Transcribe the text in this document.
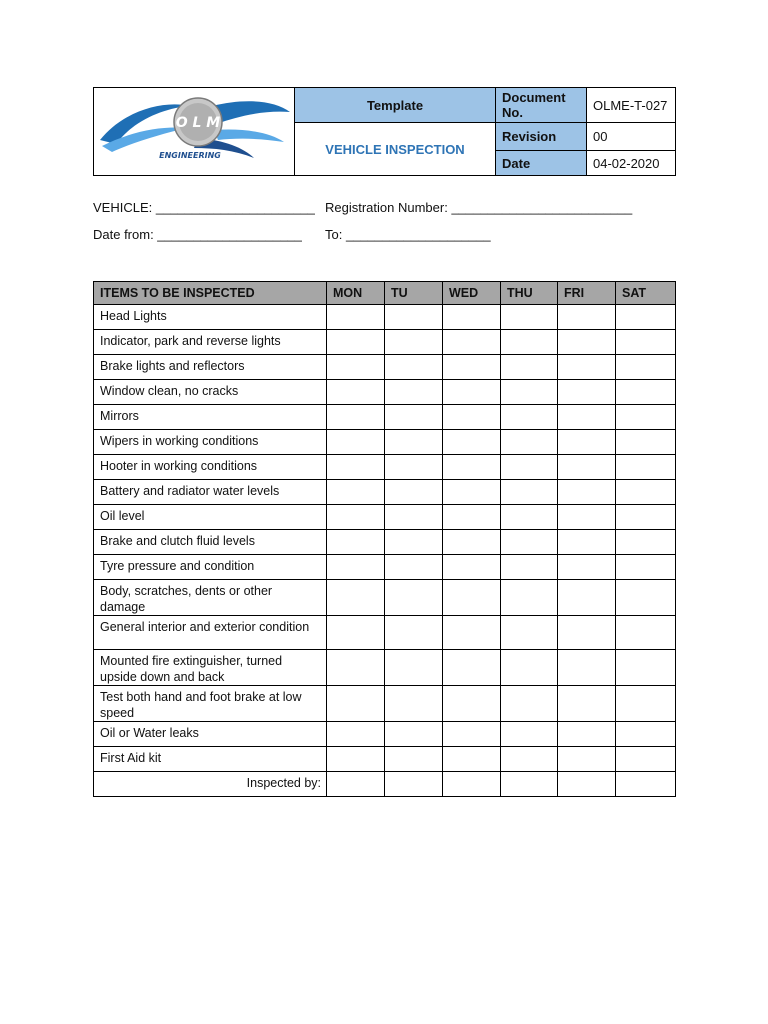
O L M
ENGINEERING	Template	Document No.	OLME-T-027
	VEHICLE INSPECTION	Revision	00
		Date	04-02-2020
VEHICLE: ______________________ Registration Number: _________________________
Date from: ____________________ To: ____________________
ITEMS TO BE INSPECTED	MON	TU	WED	THU	FRI	SAT
Head Lights						
Indicator, park and reverse lights						
Brake lights and reflectors						
Window clean, no cracks						
Mirrors						
Wipers in working conditions						
Hooter in working conditions						
Battery and radiator water levels						
Oil level						
Brake and clutch fluid levels						
Tyre pressure and condition						
Body, scratches, dents or other damage						
General interior and exterior condition						
Mounted fire extinguisher, turned upside down and back						
Test both hand and foot brake at low speed						
Oil or Water leaks						
First Aid kit						
Inspected by:						
